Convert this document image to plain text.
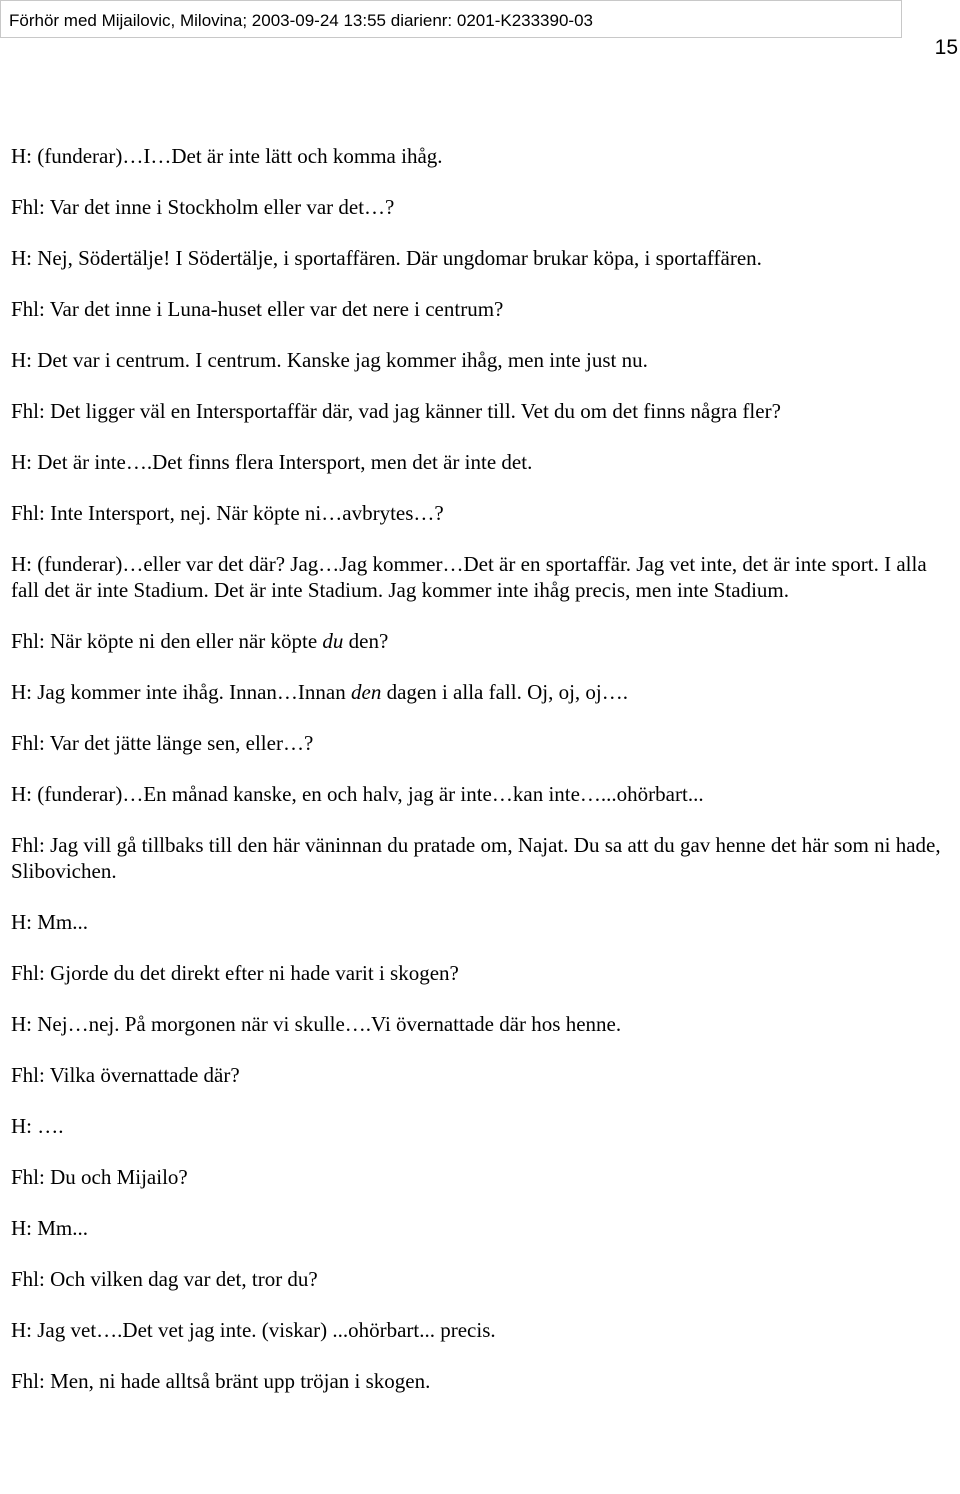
Förhör med Mijailovic, Milovina; 2003-09-24 13:55 diarienr: 0201-K233390-03
15

H: (funderar)…I…Det är inte lätt och komma ihåg.

Fhl: Var det inne i Stockholm eller var det…?

H: Nej, Södertälje! I Södertälje, i sportaffären. Där ungdomar brukar köpa, i sportaffären.

Fhl: Var det inne i Luna-huset eller var det nere i centrum?

H: Det var i centrum. I centrum. Kanske jag kommer ihåg, men inte just nu.

Fhl: Det ligger väl en Intersportaffär där, vad jag känner till. Vet du om det finns några fler?

H: Det är inte….Det finns flera Intersport, men det är inte det.

Fhl: Inte Intersport, nej. När köpte ni…avbrytes…?

H: (funderar)…eller var det där? Jag…Jag kommer…Det är en sportaffär. Jag vet inte, det är inte sport. I alla fall det är inte Stadium. Det är inte Stadium. Jag kommer inte ihåg precis, men inte Stadium.

Fhl: När köpte ni den eller när köpte du den?

H: Jag kommer inte ihåg. Innan…Innan den dagen i alla fall. Oj, oj, oj….

Fhl: Var det jätte länge sen, eller…?

H: (funderar)…En månad kanske, en och halv, jag är inte…kan inte…...ohörbart...

Fhl: Jag vill gå tillbaks till den här väninnan du pratade om, Najat. Du sa att du gav henne det här som ni hade, Slibovichen.

H: Mm...

Fhl: Gjorde du det direkt efter ni hade varit i skogen?

H: Nej…nej. På morgonen när vi skulle….Vi övernattade där hos henne.

Fhl: Vilka övernattade där?

H: ….

Fhl: Du och Mijailo?

H: Mm...

Fhl: Och vilken dag var det, tror du?

H: Jag vet….Det vet jag inte. (viskar) ...ohörbart... precis.

Fhl: Men, ni hade alltså bränt upp tröjan i skogen.
